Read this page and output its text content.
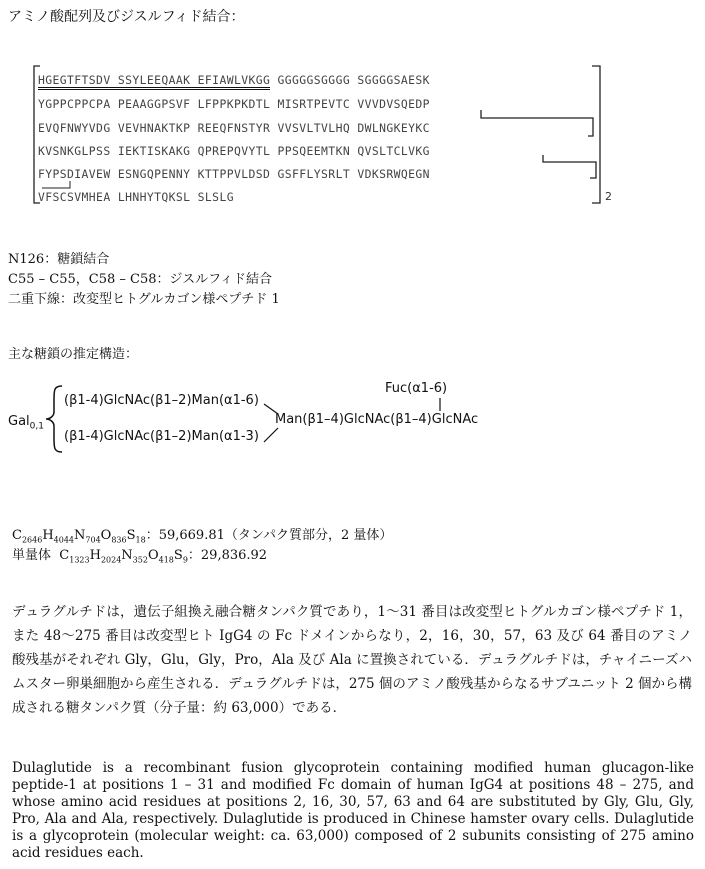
アミノ酸配列及びジスルフィド結合：
HGEGTFTSDV SSYLEEQAAK EFIAWLVKGG GGGGGSGGGG SGGGGSAESK
YGPPCPPCPA PEAAGGPSVF LFPPKPKDTL MISRTPEVTC VVVDVSQEDP
EVQFNWYVDG VEVHNAKTKP REEQFNSTYR VVSVLTVLHQ DWLNGKEYKC
KVSNKGLPSS IEKTISKAKG QPREPQVYTL PPSQEEMTKN QVSLTCLVKG
FYPSDIAVEW ESNGQPENNY KTTPPVLDSD GSFFLYSRLT VDKSRWQEGN
VFSCSVMHEA LHNHYTQKSL SLSLG	2
N126：糖鎖結合
C55 – C55，C58 – C58：ジスルフィド結合
二重下線：改変型ヒトグルカゴン様ペプチド 1
主な糖鎖の推定構造：
Gal$_{0,1}$
(β1-4)GlcNAc(β1–2)Man(α1-6)
(β1-4)GlcNAc(β1–2)Man(α1-3)
Man(β1–4)GlcNAc(β1–4)GlcNAc
Fuc(α1-6)
$C_{2646}H_{4044}N_{704}O_{836}S_{18}$：59,669.81（タンパク質部分，2 量体）
単量体  $C_{1323}H_{2024}N_{352}O_{418}S_9$：29,836.92
デュラグルチドは，遺伝子組換え融合糖タンパク質であり，1～31 番目は改変型ヒトグルカゴン様ペプチド 1，また 48～275 番目は改変型ヒト IgG4 の Fc ドメインからなり，2，16，30，57，63 及び 64 番目のアミノ酸残基がそれぞれ Gly，Glu，Gly，Pro，Ala 及び Ala に置換されている．デュラグルチドは，チャイニーズハムスター卵巣細胞から産生される．デュラグルチドは，275 個のアミノ酸残基からなるサブユニット 2 個から構成される糖タンパク質（分子量：約 63,000）である．
Dulaglutide is a recombinant fusion glycoprotein containing modified human glucagon-like peptide-1 at positions 1 – 31 and modified Fc domain of human IgG4 at positions 48 – 275, and whose amino acid residues at positions 2, 16, 30, 57, 63 and 64 are substituted by Gly, Glu, Gly, Pro, Ala and Ala, respectively. Dulaglutide is produced in Chinese hamster ovary cells. Dulaglutide is a glycoprotein (molecular weight: ca. 63,000) composed of 2 subunits consisting of 275 amino acid residues each.
